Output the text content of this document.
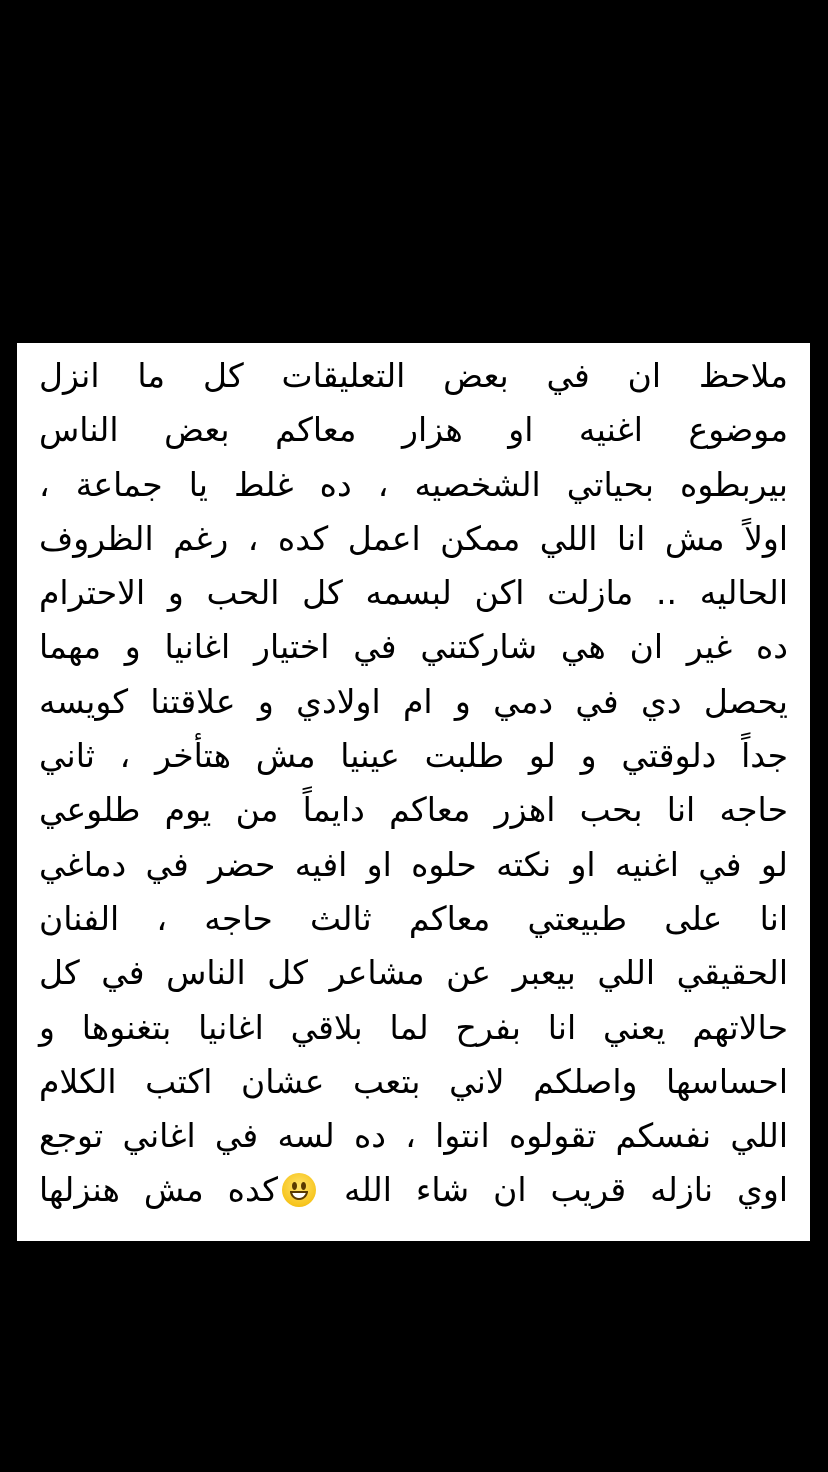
ملاحظ ان في بعض التعليقات كل ما انزل
موضوع اغنيه او هزار معاكم بعض الناس
بيربطوه بحياتي الشخصيه ، ده غلط يا جماعة ،
اولاً مش انا اللي ممكن اعمل كده ، رغم الظروف
الحاليه .. مازلت اكن لبسمه كل الحب و الاحترام
ده غير ان هي شاركتني في اختيار اغانيا و مهما
يحصل دي في دمي و ام اولادي و علاقتنا كويسه
جداً دلوقتي و لو طلبت عينيا مش هتأخر ، ثاني
حاجه انا بحب اهزر معاكم دايماً من يوم طلوعي
لو في اغنيه او نكته حلوه او افيه حضر في دماغي
انا على طبيعتي معاكم ثالث حاجه ، الفنان
الحقيقي اللي بيعبر عن مشاعر كل الناس في كل
حالاتهم يعني انا بفرح لما بلاقي اغانيا بتغنوها و
احساسها واصلكم لاني بتعب عشان اكتب الكلام
اللي نفسكم تقولوه انتوا ، ده لسه في اغاني توجع
اوي نازله قريب ان شاء الله
كده مش هنزلها
